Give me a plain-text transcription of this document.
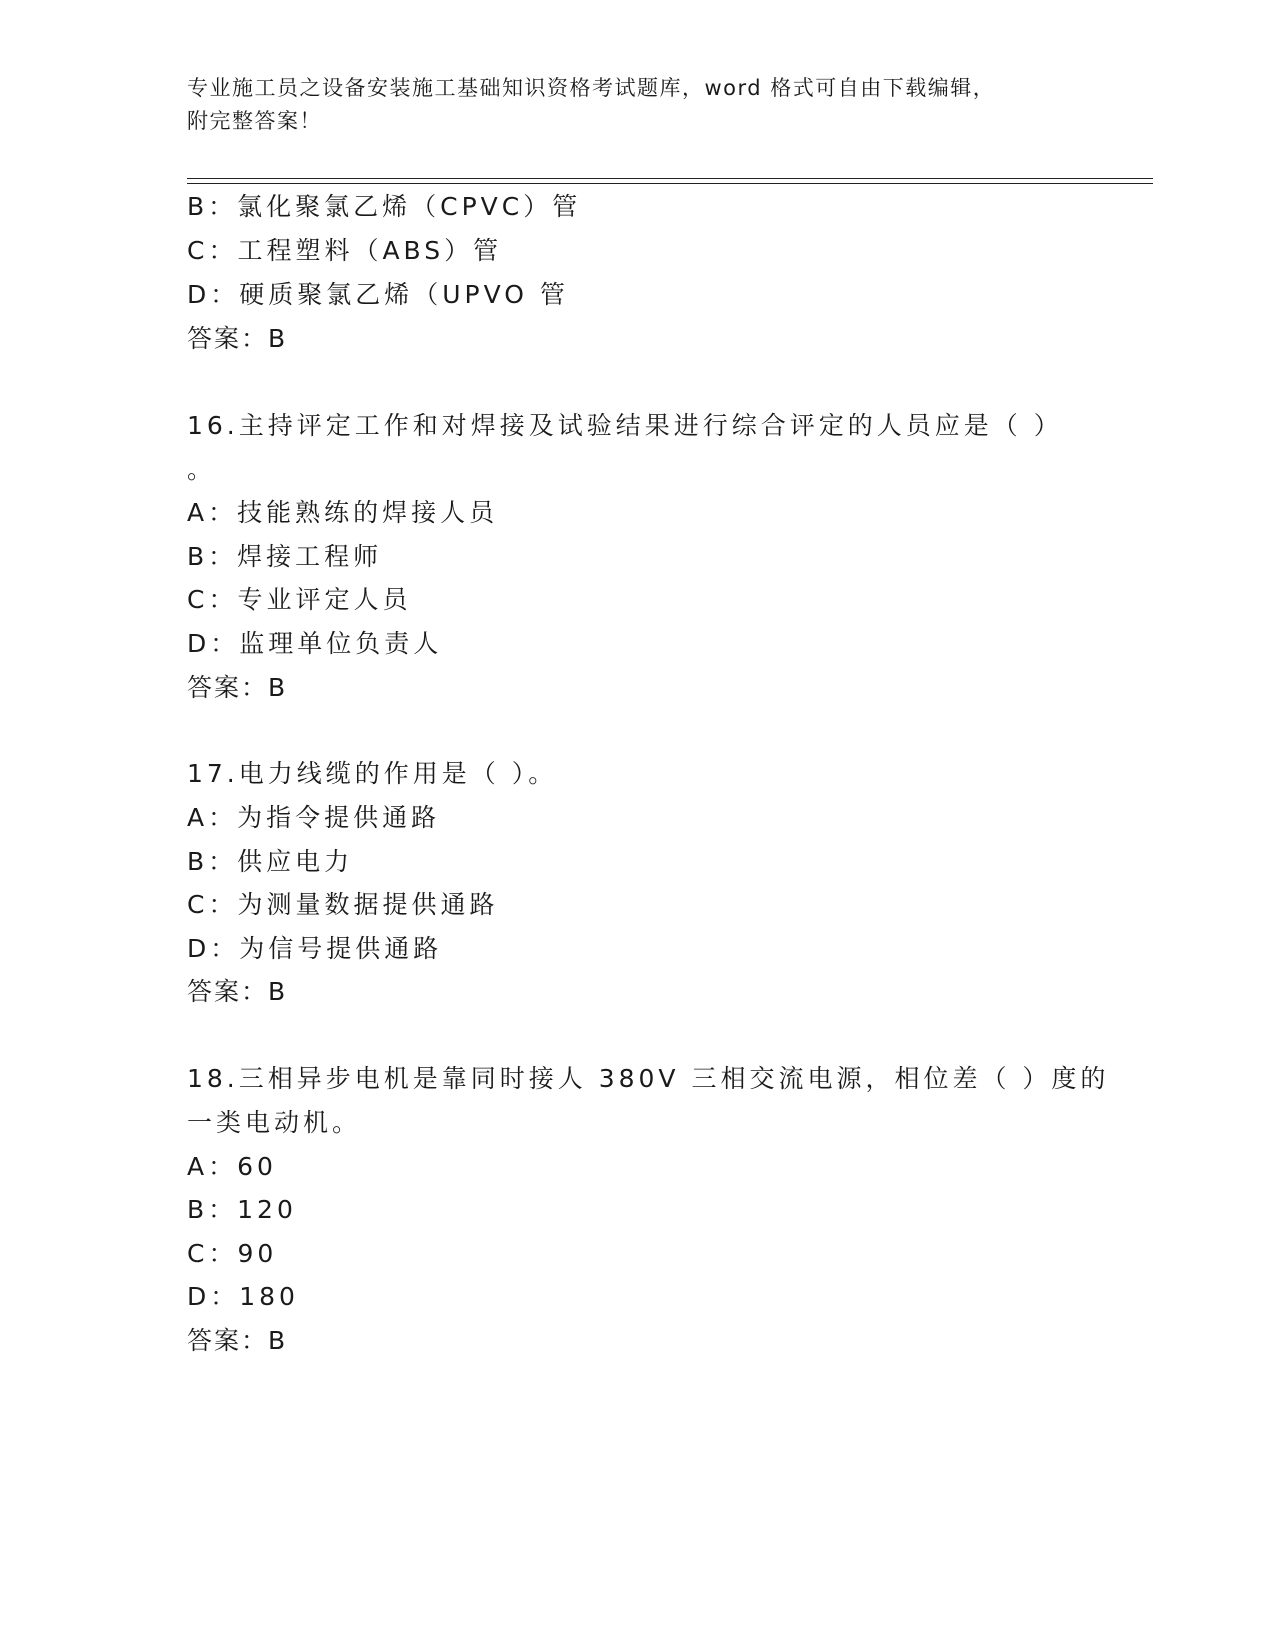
专业施工员之设备安装施工基础知识资格考试题库，word 格式可自由下载编辑，
附完整答案！
B：氯化聚氯乙烯（CPVC）管
C：工程塑料（ABS）管
D：硬质聚氯乙烯（UPVO 管
答案：B
16.主持评定工作和对焊接及试验结果进行综合评定的人员应是（ ）
。
A：技能熟练的焊接人员
B：焊接工程师
C：专业评定人员
D：监理单位负责人
答案：B
17.电力线缆的作用是（ ）。
A：为指令提供通路
B：供应电力
C：为测量数据提供通路
D：为信号提供通路
答案：B
18.三相异步电机是靠同时接人 380V 三相交流电源，相位差（ ）度的
一类电动机。
A：60
B：120
C：90
D：180
答案：B
